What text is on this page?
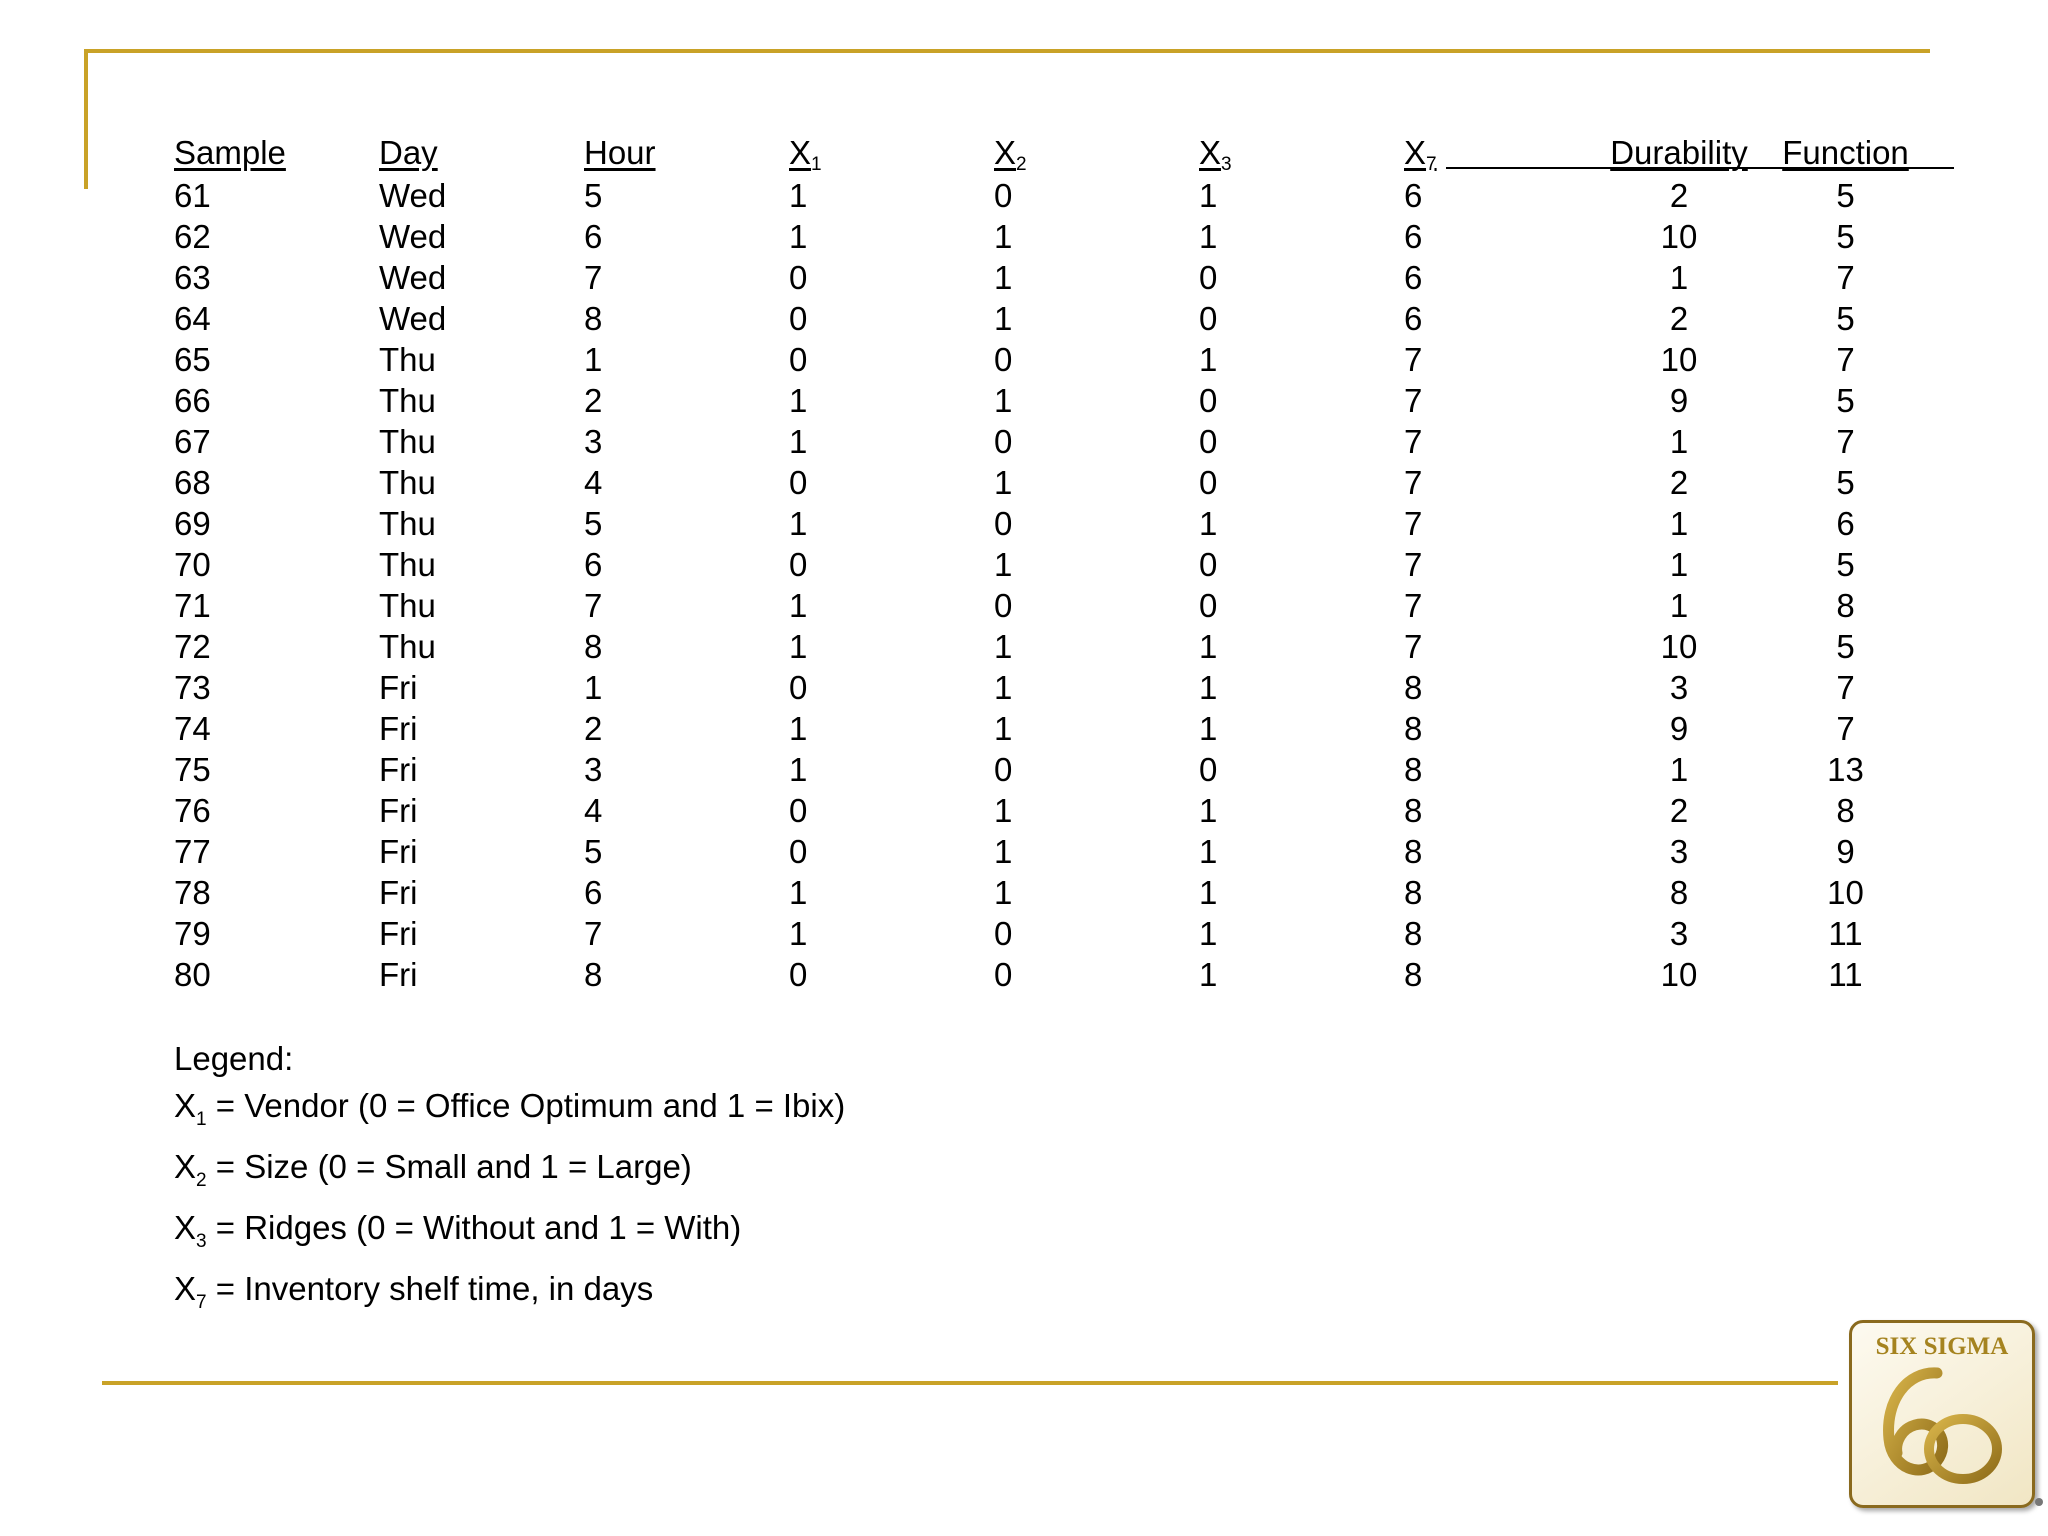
Sample	Day	Hour	$X_1$	$X_2$	$X_3$	$X_7$	Durability	Function
61	Wed	5	1	0	1	6	2	5
62	Wed	6	1	1	1	6	10	5
63	Wed	7	0	1	0	6	1	7
64	Wed	8	0	1	0	6	2	5
65	Thu	1	0	0	1	7	10	7
66	Thu	2	1	1	0	7	9	5
67	Thu	3	1	0	0	7	1	7
68	Thu	4	0	1	0	7	2	5
69	Thu	5	1	0	1	7	1	6
70	Thu	6	0	1	0	7	1	5
71	Thu	7	1	0	0	7	1	8
72	Thu	8	1	1	1	7	10	5
73	Fri	1	0	1	1	8	3	7
74	Fri	2	1	1	1	8	9	7
75	Fri	3	1	0	0	8	1	13
76	Fri	4	0	1	1	8	2	8
77	Fri	5	0	1	1	8	3	9
78	Fri	6	1	1	1	8	8	10
79	Fri	7	1	0	1	8	3	11
80	Fri	8	0	0	1	8	10	11
Legend:
$X_1$ = Vendor (0 = Office Optimum and 1 = Ibix)
$X_2$ = Size (0 = Small and 1 = Large)
$X_3$ = Ridges (0 = Without and 1 = With)
$X_7$ = Inventory shelf time, in days
SIX SIGMA
